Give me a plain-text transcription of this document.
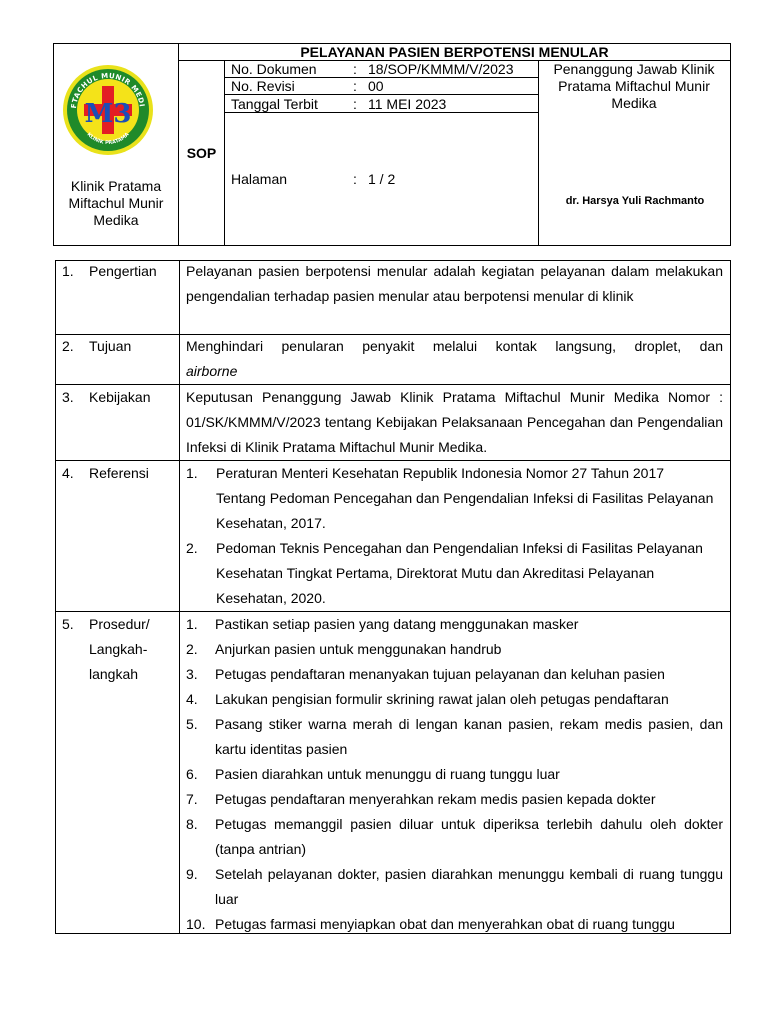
PELAYANAN PASIEN BERPOTENSI MENULAR
FTACHUL MUNIR MEDI
KLINIK PRATAMA
M3
Klinik Pratama Miftachul Munir Medika
SOP
No. Dokumen	: 18/SOP/KMMM/V/2023
No. Revisi	: 00
Tanggal Terbit	: 11 MEI 2023
Halaman	: 1 / 2
Penanggung Jawab Klinik Pratama Miftachul Munir Medika
dr. Harsya Yuli Rachmanto
1. Pengertian Pelayanan pasien berpotensi menular adalah kegiatan pelayanan dalam melakukan pengendalian terhadap pasien menular atau berpotensi menular di klinik
2. Tujuan	Menghindari penularan penyakit melalui kontak langsung, droplet, dan
airborne
3. Kebijakan	Keputusan Penanggung Jawab Klinik Pratama Miftachul Munir Medika Nomor : 01/SK/KMMM/V/2023 tentang Kebijakan Pelaksanaan Pencegahan dan Pengendalian Infeksi di Klinik Pratama Miftachul Munir Medika.
4. Referensi	1.	Peraturan Menteri Kesehatan Republik Indonesia Nomor 27 Tahun 2017 Tentang Pedoman Pencegahan dan Pengendalian Infeksi di Fasilitas Pelayanan Kesehatan, 2017.
2.	Pedoman Teknis Pencegahan dan Pengendalian Infeksi di Fasilitas Pelayanan Kesehatan Tingkat Pertama, Direktorat Mutu dan Akreditasi Pelayanan Kesehatan, 2020.
5. Prosedur/
Langkah-
langkah
1.	Pastikan setiap pasien yang datang menggunakan masker
2.	Anjurkan pasien untuk menggunakan handrub
3.	Petugas pendaftaran menanyakan tujuan pelayanan dan keluhan pasien
4.	Lakukan pengisian formulir skrining rawat jalan oleh petugas pendaftaran
5.	Pasang stiker warna merah di lengan kanan pasien, rekam medis pasien, dan kartu identitas pasien
6.	Pasien diarahkan untuk menunggu di ruang tunggu luar
7.	Petugas pendaftaran menyerahkan rekam medis pasien kepada dokter
8.	Petugas memanggil pasien diluar untuk diperiksa terlebih dahulu oleh dokter (tanpa antrian)
9.	Setelah pelayanan dokter, pasien diarahkan menunggu kembali di ruang tunggu luar
10. Petugas farmasi menyiapkan obat dan menyerahkan obat di ruang tunggu
